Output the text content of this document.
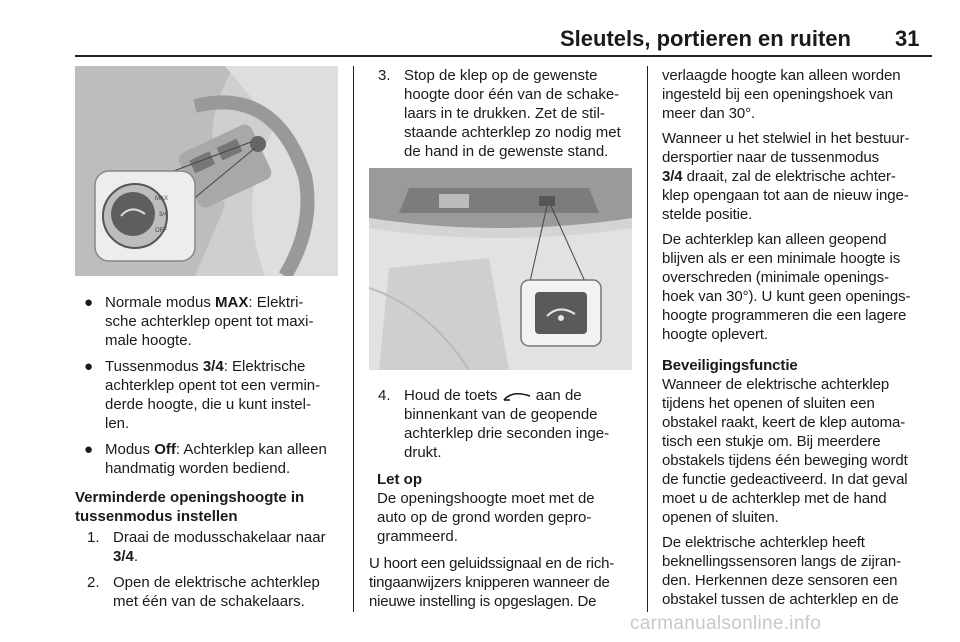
Sleutels, portieren en ruiten 31
MAX
3/4
OFF
● Normale modus MAX: Elektri-
sche achterklep opent tot maxi-
male hoogte.
● Tussenmodus 3/4: Elektrische
achterklep opent tot een vermin-
derde hoogte, die u kunt instel-
len.
● Modus Off: Achterklep kan alleen
handmatig worden bediend.

Verminderde openingshoogte in
tussenmodus instellen

1. Draai de modusschakelaar naar
3/4.
2. Open de elektrische achterklep
met één van de schakelaars.
3. Stop de klep op de gewenste
hoogte door één van de schake-
laars in te drukken. Zet de stil-
staande achterklep zo nodig met
de hand in de gewenste stand.
4. Houd de toets  aan de
binnenkant van de geopende
achterklep drie seconden inge-
drukt.

Let op

De openingshoogte moet met de
auto op de grond worden gepro-
grammeerd.

U hoort een geluidssignaal en de rich-
tingaanwijzers knipperen wanneer de
nieuwe instelling is opgeslagen. De

verlaagde hoogte kan alleen worden
ingesteld bij een openingshoek van
meer dan 30°.

Wanneer u het stelwiel in het bestuur-
dersportier naar de tussenmodus
3/4 draait, zal de elektrische achter-
klep opengaan tot aan de nieuw inge-
stelde positie.

De achterklep kan alleen geopend
blijven als er een minimale hoogte is
overschreden (minimale openings-
hoek van 30°). U kunt geen openings-
hoogte programmeren die een lagere
hoogte oplevert.

Beveiligingsfunctie

Wanneer de elektrische achterklep
tijdens het openen of sluiten een
obstakel raakt, keert de klep automa-
tisch een stukje om. Bij meerdere
obstakels tijdens één beweging wordt
de functie gedeactiveerd. In dat geval
moet u de achterklep met de hand
openen of sluiten.

De elektrische achterklep heeft
beknellingssensoren langs de zijran-
den. Herkennen deze sensoren een
obstakel tussen de achterklep en de

carmanualsonline.info
